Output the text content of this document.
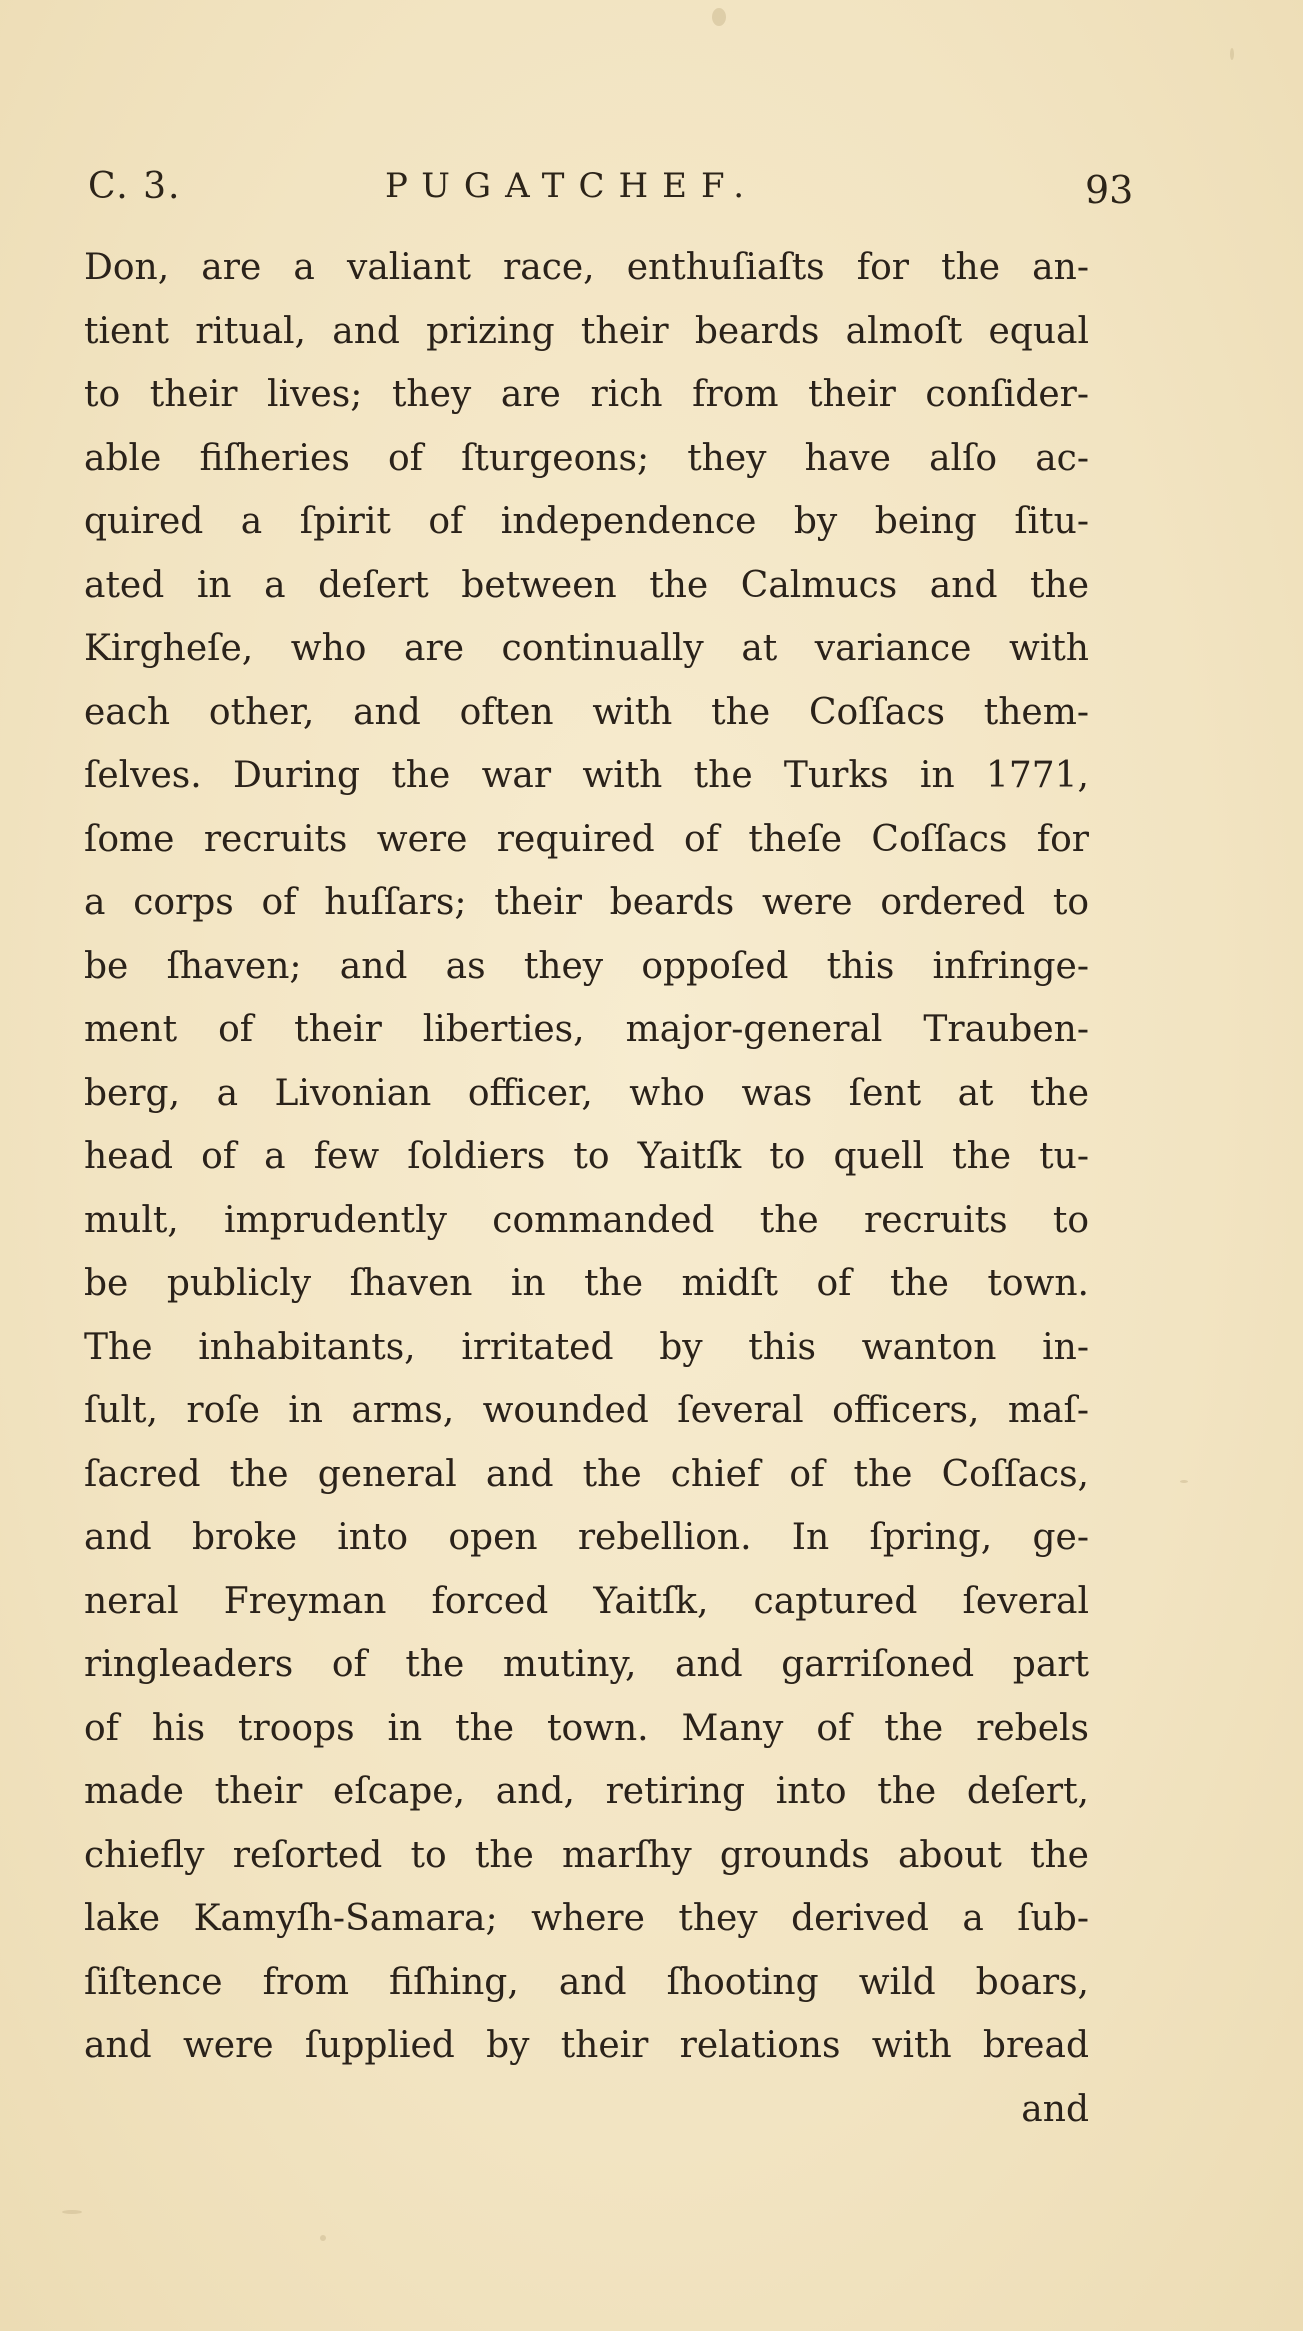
C. 3.	PUGATCHEF.	93
Don, are a valiant race, enthuſiaſts for the an-
tient ritual, and prizing their beards almoſt equal
to their lives; they are rich from their conſider-
able fiſheries of ſturgeons; they have alſo ac-
quired a ſpirit of independence by being ſitu-
ated in a deſert between the Calmucs and the
Kirgheſe, who are continually at variance with
each other, and often with the Coſſacs them-
ſelves. During the war with the Turks in 1771,
ſome recruits were required of theſe Coſſacs for
a corps of huſſars; their beards were ordered to
be ſhaven; and as they oppoſed this infringe-
ment of their liberties, major-general Trauben-
berg, a Livonian officer, who was ſent at the
head of a few ſoldiers to Yaitſk to quell the tu-
mult, imprudently commanded the recruits to
be publicly ſhaven in the midſt of the town.
The inhabitants, irritated by this wanton in-
ſult, roſe in arms, wounded ſeveral officers, maſ-
ſacred the general and the chief of the Coſſacs,
and broke into open rebellion. In ſpring, ge-
neral Freyman forced Yaitſk, captured ſeveral
ringleaders of the mutiny, and garriſoned part
of his troops in the town. Many of the rebels
made their eſcape, and, retiring into the deſert,
chiefly reſorted to the marſhy grounds about the
lake Kamyſh-Samara; where they derived a ſub-
ſiſtence from fiſhing, and ſhooting wild boars,
and were ſupplied by their relations with bread
and
